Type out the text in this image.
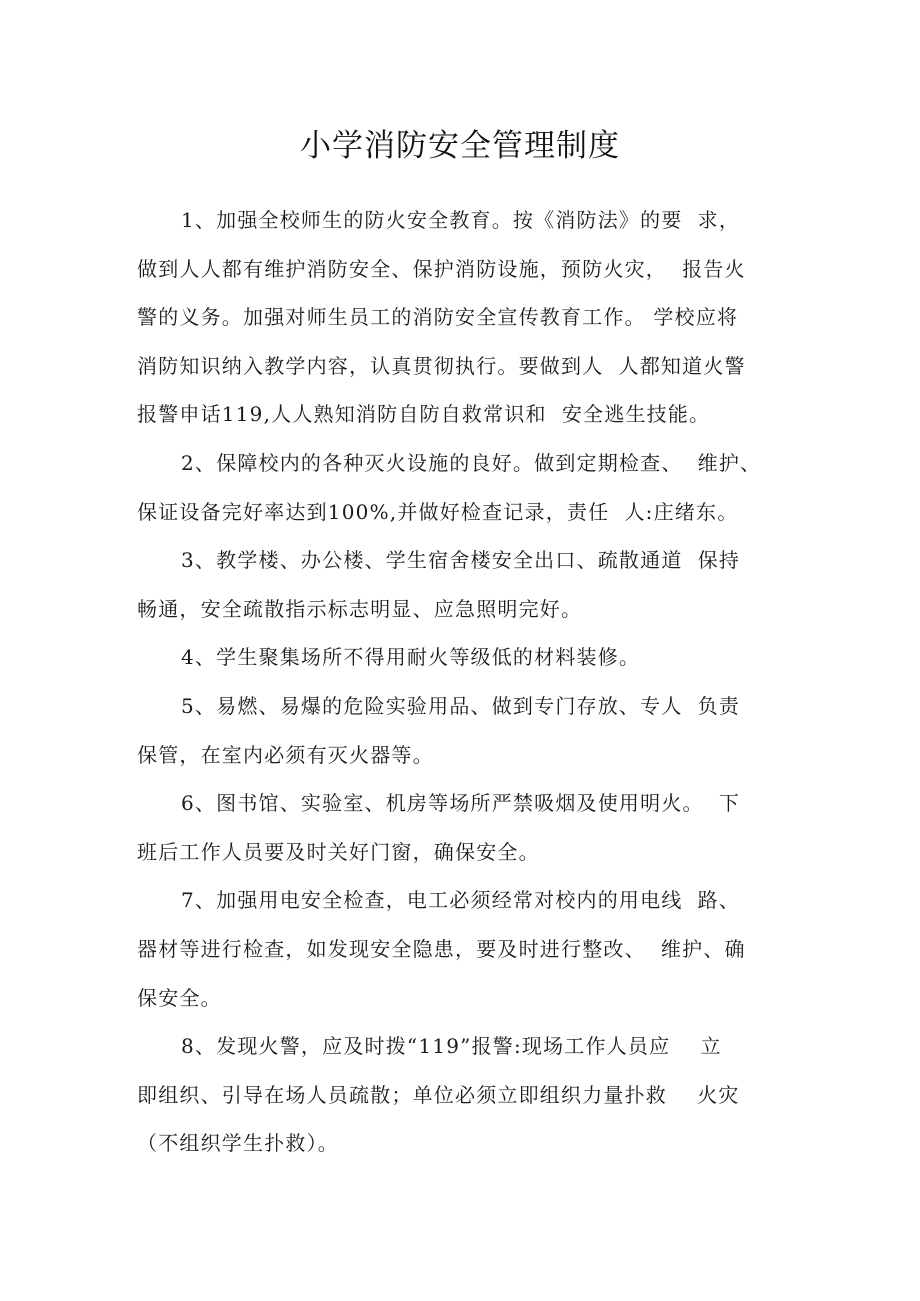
小学消防安全管理制度

1、加强全校师生的防火安全教育。按《消防法》的要  求，
做到人人都有维护消防安全、保护消防设施，预防火灾，  报告火
警的义务。加强对师生员工的消防安全宣传教育工作。 学校应将
消防知识纳入教学内容，认真贯彻执行。要做到人  人都知道火警
报警申话119,人人熟知消防自防自救常识和  安全逃生技能。

2、保障校内的各种灭火设施的良好。做到定期检查、  维护、
保证设备完好率达到100%,并做好检查记录，责任  人:庄绪东。

3、教学楼、办公楼、学生宿舍楼安全出口、疏散通道  保持
畅通，安全疏散指示标志明显、应急照明完好。

4、学生聚集场所不得用耐火等级低的材料装修。

5、易燃、易爆的危险实验用品、做到专门存放、专人  负责
保管，在室内必须有灭火器等。

6、图书馆、实验室、机房等场所严禁吸烟及使用明火。  下
班后工作人员要及时关好门窗，确保安全。

7、加强用电安全检查，电工必须经常对校内的用电线  路、
器材等进行检查，如发现安全隐患，要及时进行整改、  维护、确
保安全。

8、发现火警，应及时拨“119”报警:现场工作人员应    立
即组织、引导在场人员疏散；单位必须立即组织力量扑救    火灾
（不组织学生扑救）。
